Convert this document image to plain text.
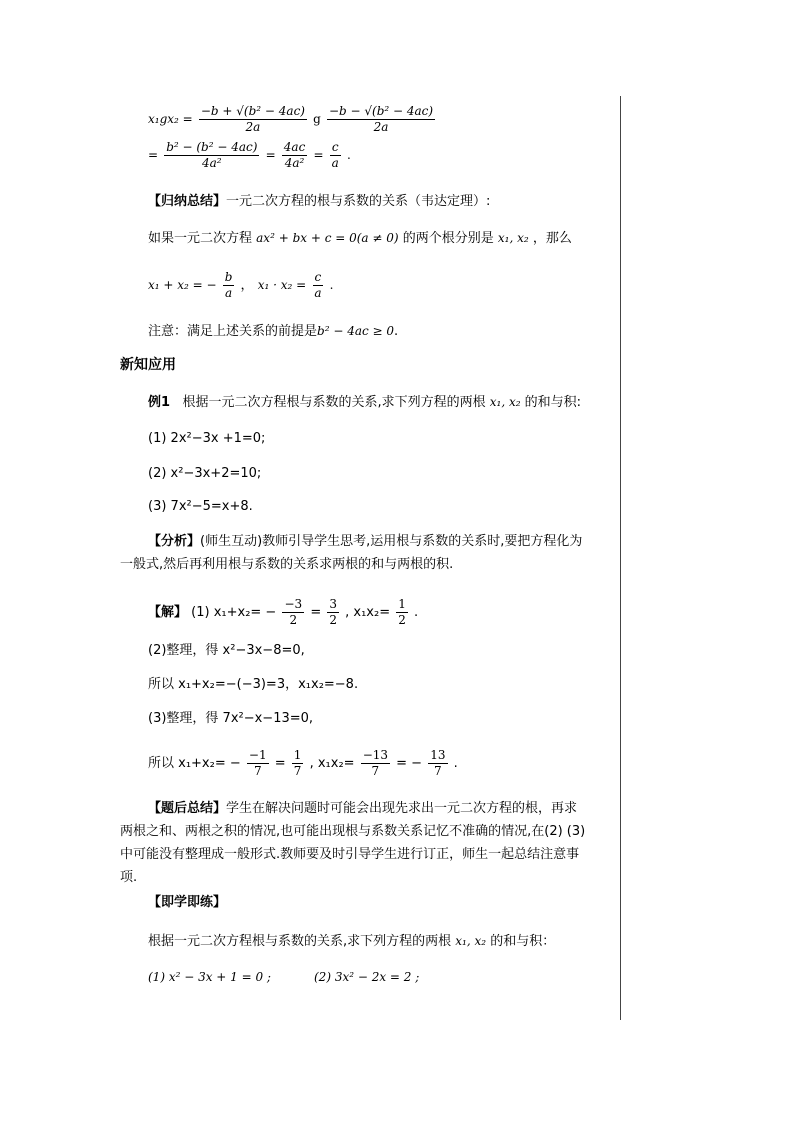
$x_1gx_2 = \frac{\text{−b + √(b² − 4ac)}}{2a}$ g $\frac{\text{−b − √(b² − 4ac)}}{2a}$
= $\frac{\text{b² − (b² − 4ac)}}{\text{4a²}} = \frac{4ac}{\text{4a²}} = \frac{c}{a}$ .
【归纳总结】一元二次方程的根与系数的关系（韦达定理）:
如果一元二次方程 ax² + bx + c = 0(a ≠ 0) 的两个根分别是 x₁, x₂ ，那么
x₁ + x₂ = − $\frac{b}{a}$ ， $x_1 \cdot x_2 = \frac{c}{a}$ .
注意：满足上述关系的前提是b² − 4ac ≥ 0.
新知应用
例1 根据一元二次方程根与系数的关系,求下列方程的两根 x₁, x₂ 的和与积:
(1) 2x²−3x +1=0;
(2) x²−3x+2=10;
(3) 7x²−5=x+8.
【分析】(师生互动)教师引导学生思考,运用根与系数的关系时,要把方程化为
一般式,然后再利用根与系数的关系求两根的和与两根的积.
【解】 (1) $x_1+x_2= - \frac{-3}{2} = \frac{3}{2}$ , $x_1x_2= \frac{1}{2}$ .
(2)整理，得 x²−3x−8=0,
所以 x₁+x₂=−(−3)=3，x₁x₂=−8.
(3)整理，得 7x²−x−13=0,
所以 $x_1+x_2= - \frac{-1}{7} = \frac{1}{7}$ , $x_1x_2= \frac{-13}{7}$ = − $\frac{13}{7}$ .
【题后总结】学生在解决问题时可能会出现先求出一元二次方程的根，再求
两根之和、两根之积的情况,也可能出现根与系数关系记忆不准确的情况,在(2) (3)
中可能没有整理成一般形式.教师要及时引导学生进行订正，师生一起总结注意事
项.
【即学即练】
根据一元二次方程根与系数的关系,求下列方程的两根 x₁, x₂ 的和与积：
(1) x² − 3x + 1 = 0 ;	(2) 3x² − 2x = 2 ;
